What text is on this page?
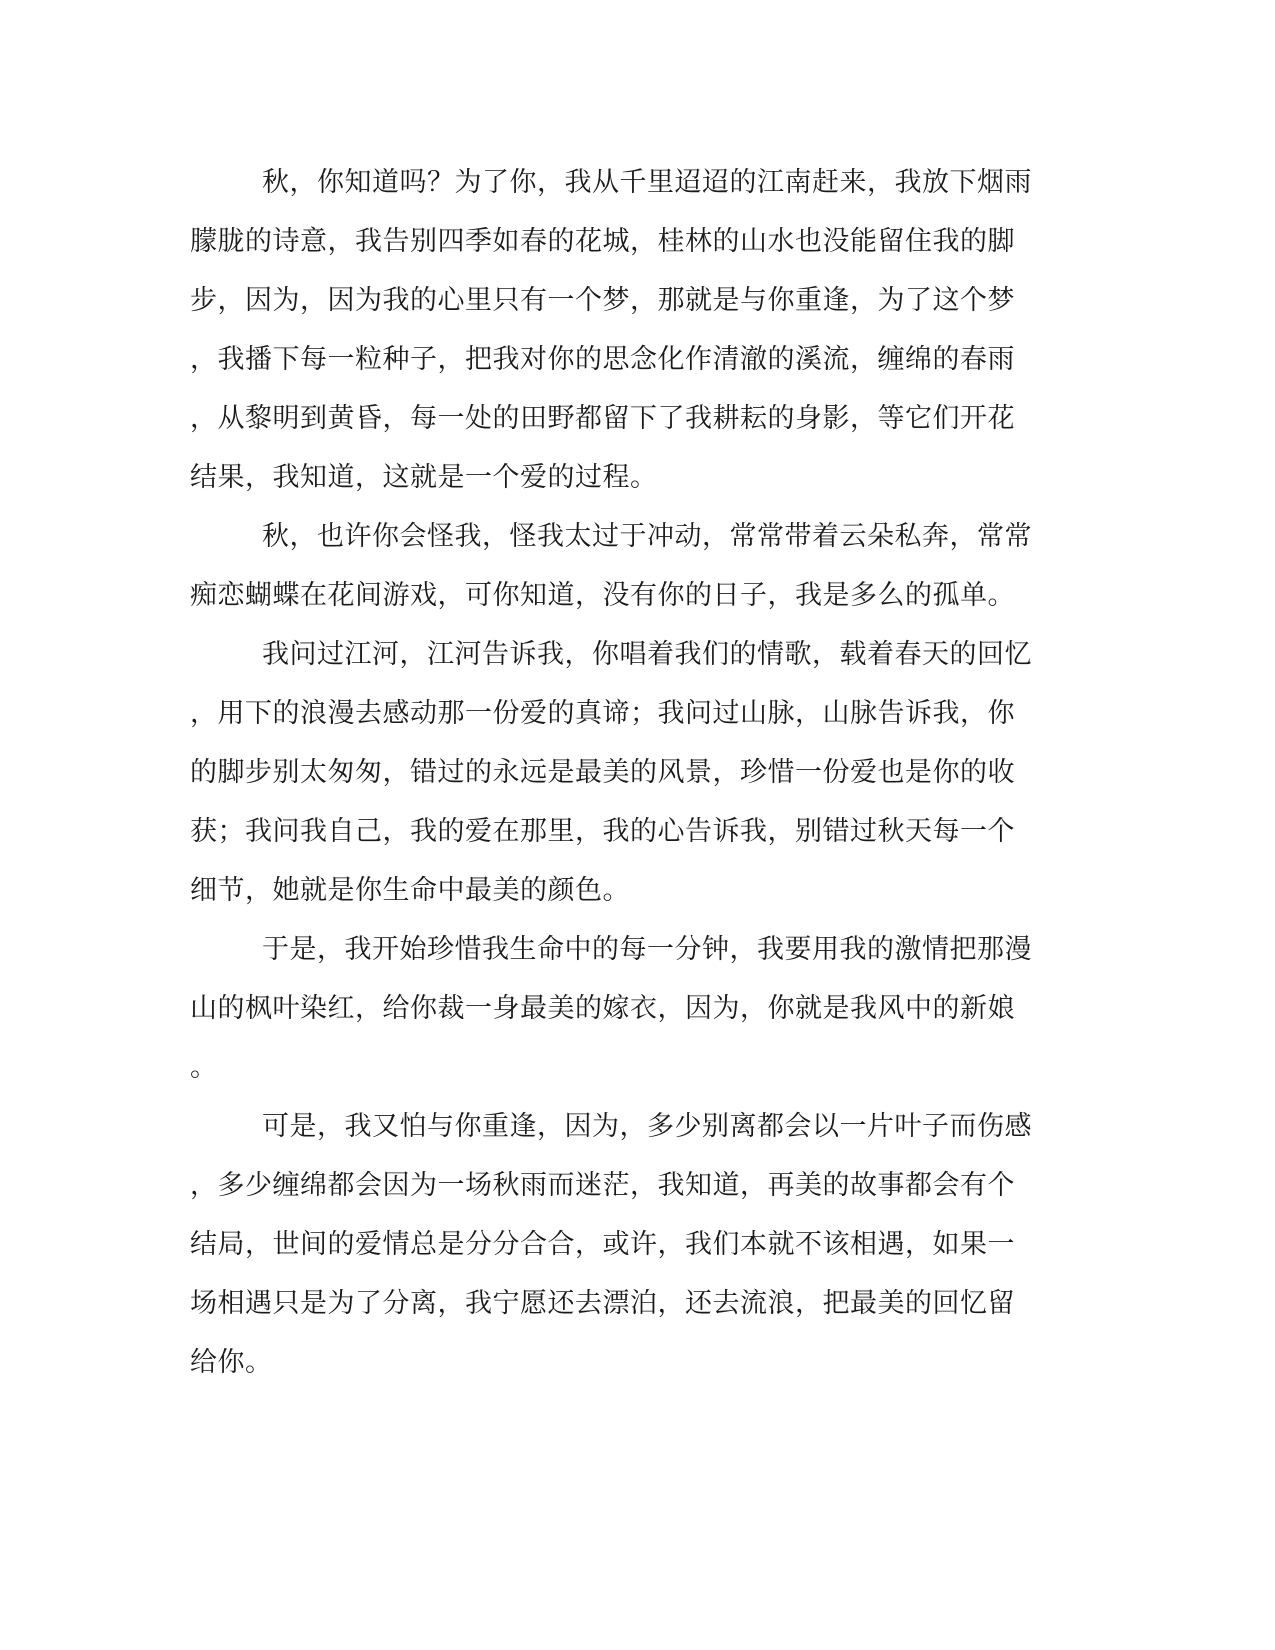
秋，你知道吗？为了你，我从千里迢迢的江南赶来，我放下烟雨
朦胧的诗意，我告别四季如春的花城，桂林的山水也没能留住我的脚
步，因为，因为我的心里只有一个梦，那就是与你重逢，为了这个梦
，我播下每一粒种子，把我对你的思念化作清澈的溪流，缠绵的春雨
，从黎明到黄昏，每一处的田野都留下了我耕耘的身影，等它们开花
结果，我知道，这就是一个爱的过程。
秋，也许你会怪我，怪我太过于冲动，常常带着云朵私奔，常常
痴恋蝴蝶在花间游戏，可你知道，没有你的日子，我是多么的孤单。
我问过江河，江河告诉我，你唱着我们的情歌，载着春天的回忆
，用下的浪漫去感动那一份爱的真谛；我问过山脉，山脉告诉我，你
的脚步别太匆匆，错过的永远是最美的风景，珍惜一份爱也是你的收
获；我问我自己，我的爱在那里，我的心告诉我，别错过秋天每一个
细节，她就是你生命中最美的颜色。
于是，我开始珍惜我生命中的每一分钟，我要用我的激情把那漫
山的枫叶染红，给你裁一身最美的嫁衣，因为，你就是我风中的新娘
。
可是，我又怕与你重逢，因为，多少别离都会以一片叶子而伤感
，多少缠绵都会因为一场秋雨而迷茫，我知道，再美的故事都会有个
结局，世间的爱情总是分分合合，或许，我们本就不该相遇，如果一
场相遇只是为了分离，我宁愿还去漂泊，还去流浪，把最美的回忆留
给你。
